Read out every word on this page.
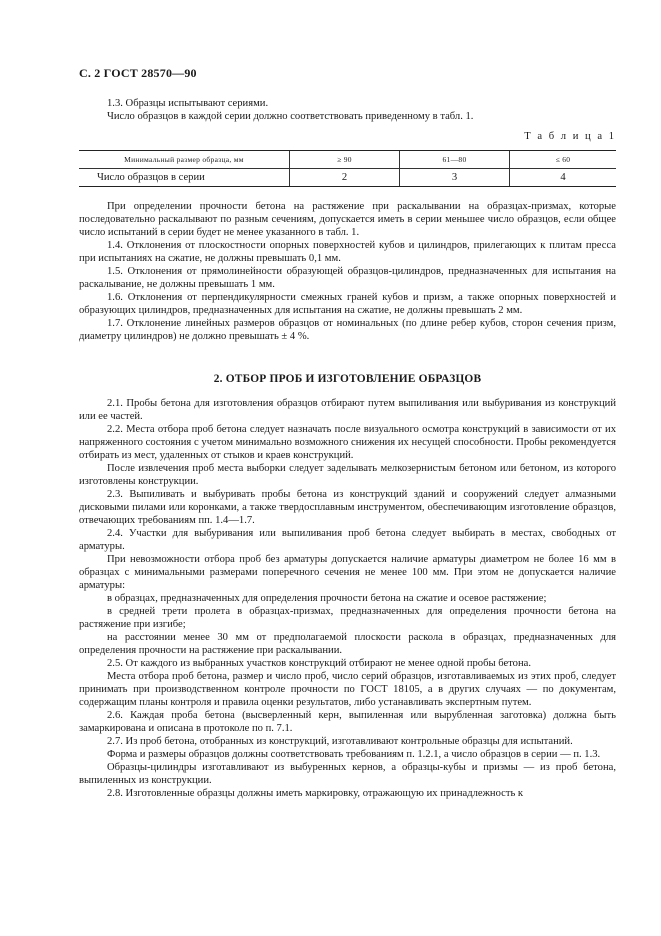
С. 2 ГОСТ 28570—90

1.3. Образцы испытывают сериями.

Число образцов в каждой серии должно соответствовать приведенному в табл. 1.

Т а б л и ц а 1
Минимальный размер образца, мм	≥ 90	61—80	≤ 60
Число образцов в серии	2	3	4

При определении прочности бетона на растяжение при раскалывании на образцах-призмах, которые последовательно раскалывают по разным сечениям, допускается иметь в серии меньшее число образцов, если общее число испытаний в серии будет не менее указанного в табл. 1.

1.4. Отклонения от плоскостности опорных поверхностей кубов и цилиндров, прилегающих к плитам пресса при испытаниях на сжатие, не должны превышать 0,1 мм.

1.5. Отклонения от прямолинейности образующей образцов-цилиндров, предназначенных для испытания на раскалывание, не должны превышать 1 мм.

1.6. Отклонения от перпендикулярности смежных граней кубов и призм, а также опорных поверхностей и образующих цилиндров, предназначенных для испытания на сжатие, не должны превышать 2 мм.

1.7. Отклонение линейных размеров образцов от номинальных (по длине ребер кубов, сторон сечения призм, диаметру цилиндров) не должно превышать ± 4 %.

2. ОТБОР ПРОБ И ИЗГОТОВЛЕНИЕ ОБРАЗЦОВ

2.1. Пробы бетона для изготовления образцов отбирают путем выпиливания или выбуривания из конструкций или ее частей.

2.2. Места отбора проб бетона следует назначать после визуального осмотра конструкций в зависимости от их напряженного состояния с учетом минимально возможного снижения их несущей способности. Пробы рекомендуется отбирать из мест, удаленных от стыков и краев конструкций.

После извлечения проб места выборки следует заделывать мелкозернистым бетоном или бетоном, из которого изготовлены конструкции.

2.3. Выпиливать и выбуривать пробы бетона из конструкций зданий и сооружений следует алмазными дисковыми пилами или коронками, а также твердосплавным инструментом, обеспечивающим изготовление образцов, отвечающих требованиям пп. 1.4—1.7.

2.4. Участки для выбуривания или выпиливания проб бетона следует выбирать в местах, свободных от арматуры.

При невозможности отбора проб без арматуры допускается наличие арматуры диаметром не более 16 мм в образцах с минимальными размерами поперечного сечения не менее 100 мм. При этом не допускается наличие арматуры:

в образцах, предназначенных для определения прочности бетона на сжатие и осевое растяжение;

в средней трети пролета в образцах-призмах, предназначенных для определения прочности бетона на растяжение при изгибе;

на расстоянии менее 30 мм от предполагаемой плоскости раскола в образцах, предназначенных для определения прочности на растяжение при раскалывании.

2.5. От каждого из выбранных участков конструкций отбирают не менее одной пробы бетона.

Места отбора проб бетона, размер и число проб, число серий образцов, изготавливаемых из этих проб, следует принимать при производственном контроле прочности по ГОСТ 18105, а в других случаях — по документам, содержащим планы контроля и правила оценки результатов, либо устанавливать экспертным путем.

2.6. Каждая проба бетона (высверленный керн, выпиленная или вырубленная заготовка) должна быть замаркирована и описана в протоколе по п. 7.1.

2.7. Из проб бетона, отобранных из конструкций, изготавливают контрольные образцы для испытаний.

Форма и размеры образцов должны соответствовать требованиям п. 1.2.1, а число образцов в серии — п. 1.3.

Образцы-цилиндры изготавливают из выбуренных кернов, а образцы-кубы и призмы — из проб бетона, выпиленных из конструкции.

2.8. Изготовленные образцы должны иметь маркировку, отражающую их принадлежность к
